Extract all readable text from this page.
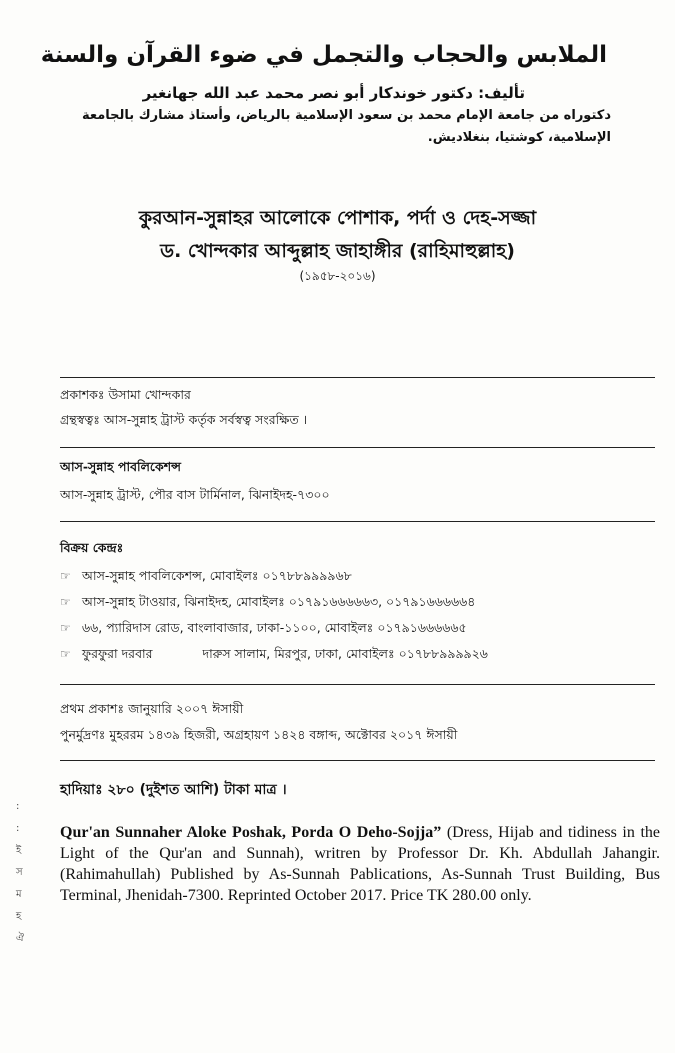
الملابس والحجاب والتجمل في ضوء القرآن والسنة
تأليف: دكتور خوندكار أبو نصر محمد عبد الله جهانغير
دكتوراه من جامعة الإمام محمد بن سعود الإسلامية بالرياض، وأستاذ مشارك بالجامعة
الإسلامية، كوشتيا، بنغلاديش.
কুরআন-সুন্নাহর আলোকে পোশাক, পর্দা ও দেহ-সজ্জা
ড. খোন্দকার আব্দুল্লাহ জাহাঙ্গীর (রাহিমাহুল্লাহ)
(১৯৫৮-২০১৬)
প্রকাশকঃ উসামা খোন্দকার
গ্রন্থস্বত্বঃ আস-সুন্নাহ ট্রাস্ট কর্তৃক সর্বস্বত্ব সংরক্ষিত ।
আস-সুন্নাহ পাবলিকেশন্স
আস-সুন্নাহ ট্রাস্ট, পৌর বাস টার্মিনাল, ঝিনাইদহ-৭৩০০
বিক্রয় কেন্দ্রঃ
☞ আস-সুন্নাহ পাবলিকেশন্স, মোবাইলঃ ০১৭৮৮৯৯৯৯৬৮
☞ আস-সুন্নাহ টাওয়ার, ঝিনাইদহ, মোবাইলঃ ০১৭৯১৬৬৬৬৬৩, ০১৭৯১৬৬৬৬৬৪
☞ ৬৬, প্যারিদাস রোড, বাংলাবাজার, ঢাকা-১১০০, মোবাইলঃ ০১৭৯১৬৬৬৬৬৫
☞ ফুরফুরা দরবার	দারুস সালাম, মিরপুর, ঢাকা, মোবাইলঃ ০১৭৮৮৯৯৯৯২৬
প্রথম প্রকাশঃ জানুয়ারি ২০০৭ ঈসায়ী
পুনর্মুদ্রণঃ মুহররম ১৪৩৯ হিজরী, অগ্রহায়ণ ১৪২৪ বঙ্গাব্দ, অক্টোবর ২০১৭ ঈসায়ী
হাদিয়াঃ ২৮০ (দুইশত আশি) টাকা মাত্র ।
:
:
ই
স
ম
হ
ঐ
Qur'an Sunnaher Aloke Poshak, Porda O Deho-Sojja” (Dress, Hijab and tidiness in the Light of the Qur'an and Sunnah), writren by Professor Dr. Kh. Abdullah Jahangir.(Rahimahullah) Published by As-Sunnah Pablications, As-Sunnah Trust Building, Bus Terminal, Jhenidah-7300. Reprinted October 2017. Price TK 280.00 only.
